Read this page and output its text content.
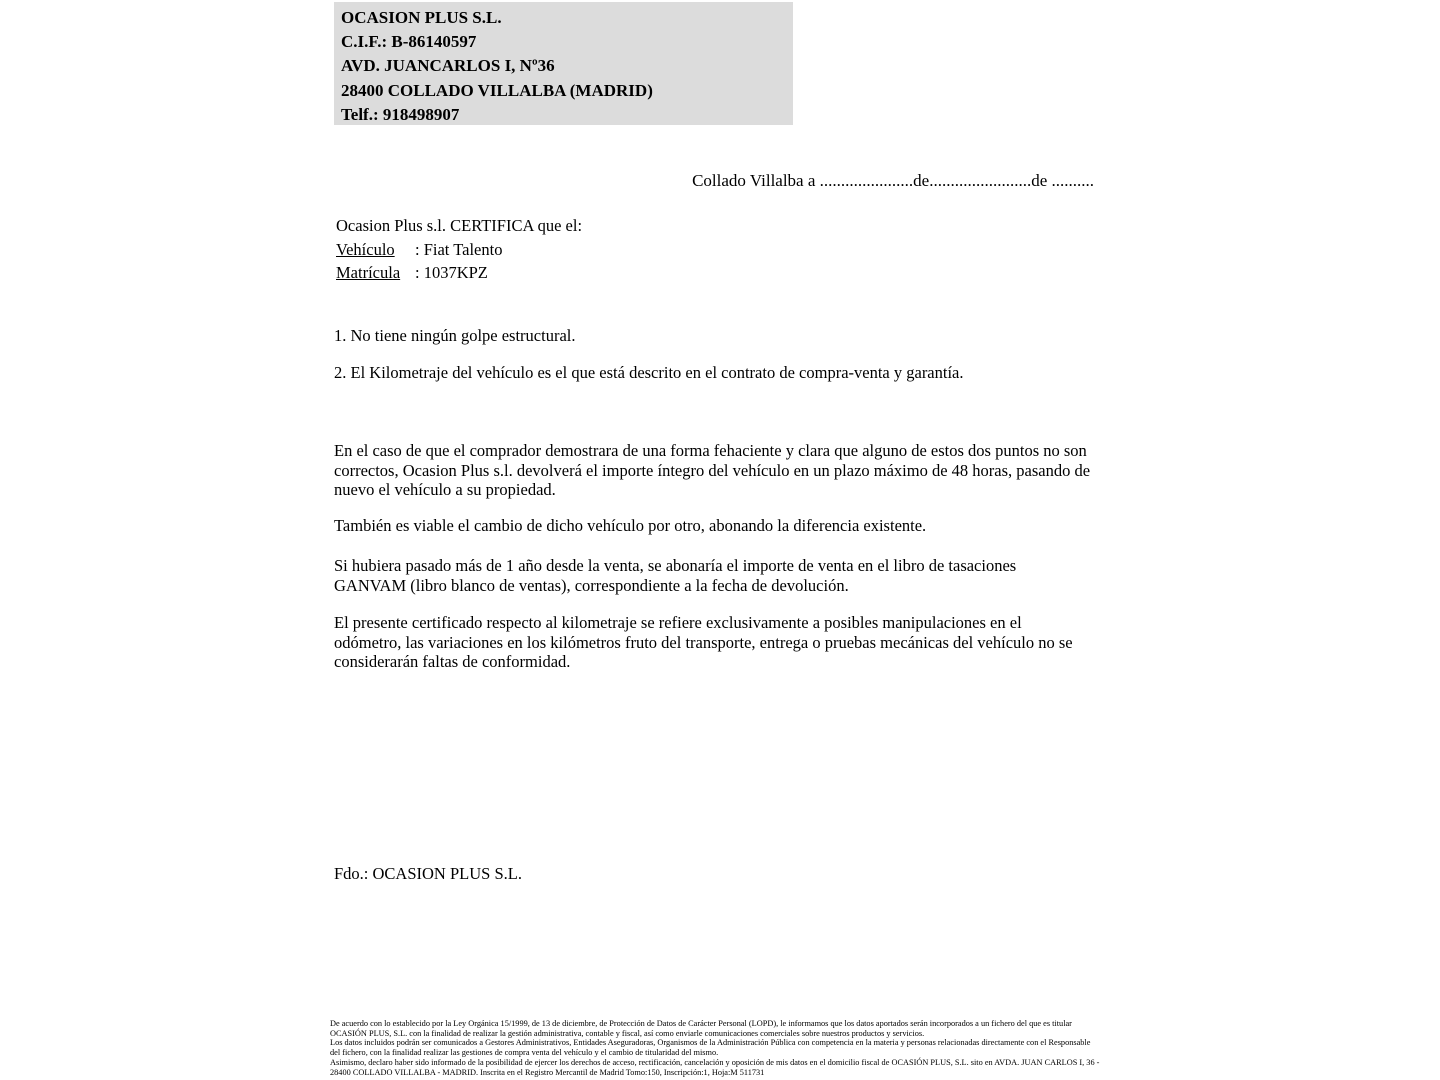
OCASION PLUS S.L.
C.I.F.: B-86140597
AVD. JUANCARLOS I, Nº36
28400 COLLADO VILLALBA (MADRID)
Telf.: 918498907
Collado Villalba a ......................de........................de ..........
Ocasion Plus s.l. CERTIFICA que el:
Vehículo : Fiat Talento
Matrícula : 1037KPZ

1. No tiene ningún golpe estructural.

2. El Kilometraje del vehículo es el que está descrito en el contrato de compra-venta y garantía.

En el caso de que el comprador demostrara de una forma fehaciente y clara que alguno de estos dos puntos no son correctos, Ocasion Plus s.l. devolverá el importe íntegro del vehículo en un plazo máximo de 48 horas, pasando de nuevo el vehículo a su propiedad.

También es viable el cambio de dicho vehículo por otro, abonando la diferencia existente.

Si hubiera pasado más de 1 año desde la venta, se abonaría el importe de venta en el libro de tasaciones GANVAM (libro blanco de ventas), correspondiente a la fecha de devolución.

El presente certificado respecto al kilometraje se refiere exclusivamente a posibles manipulaciones en el odómetro, las variaciones en los kilómetros fruto del transporte, entrega o pruebas mecánicas del vehículo no se considerarán faltas de conformidad.

Fdo.: OCASION PLUS S.L.

De acuerdo con lo establecido por la Ley Orgánica 15/1999, de 13 de diciembre, de Protección de Datos de Carácter Personal (LOPD), le informamos que los datos aportados serán incorporados a un fichero del que es titular OCASIÓN PLUS, S.L. con la finalidad de realizar la gestión administrativa, contable y fiscal, así como enviarle comunicaciones comerciales sobre nuestros productos y servicios.

Los datos incluidos podrán ser comunicados a Gestores Administrativos, Entidades Aseguradoras, Organismos de la Administración Pública con competencia en la materia y personas relacionadas directamente con el Responsable del fichero, con la finalidad realizar las gestiones de compra venta del vehículo y el cambio de titularidad del mismo.

Asimismo, declaro haber sido informado de la posibilidad de ejercer los derechos de acceso, rectificación, cancelación y oposición de mis datos en el domicilio fiscal de OCASIÓN PLUS, S.L. sito en AVDA. JUAN CARLOS I, 36 - 28400 COLLADO VILLALBA - MADRID. Inscrita en el Registro Mercantil de Madrid Tomo:150, Inscripción:1, Hoja:M 511731
